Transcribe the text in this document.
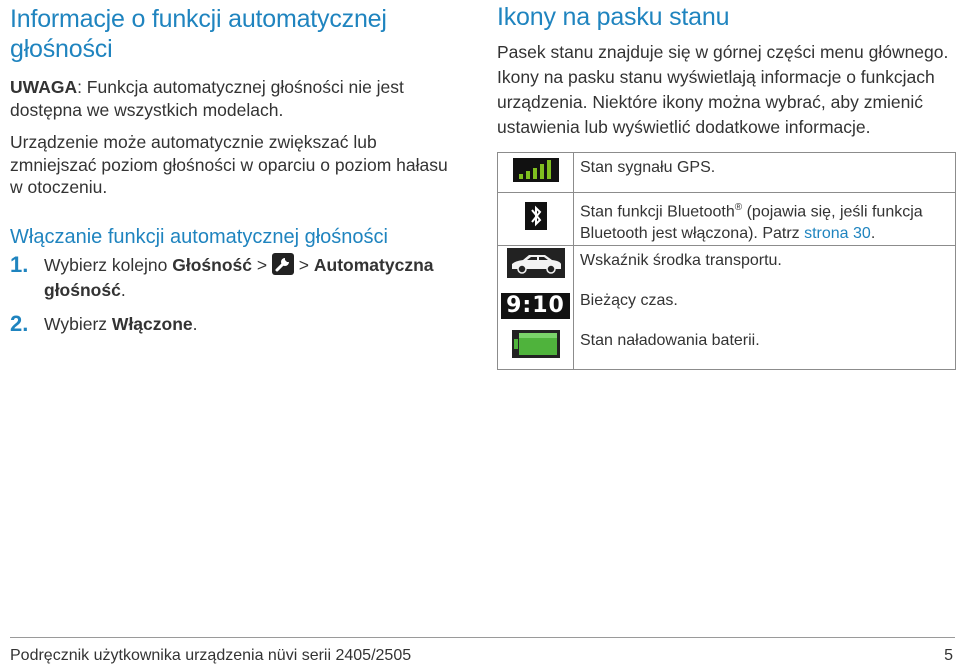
Informacje o funkcji automatycznej głośności

UWAGA: Funkcja automatycznej głośności nie jest dostępna we wszystkich modelach.

Urządzenie może automatycznie zwiększać lub zmniejszać poziom głośności w oparciu o poziom hałasu w otoczeniu.

Włączanie funkcji automatycznej głośności
1. Wybierz kolejno Głośność >
> Automatyczna głośność.
2. Wybierz Włączone.
Ikony na pasku stanu

Pasek stanu znajduje się w górnej części menu głównego. Ikony na pasku stanu wyświetlają informacje o funkcjach urządzenia. Niektóre ikony można wybrać, aby zmienić ustawienia lub wyświetlić dodatkowe informacje.

	Stan sygnału GPS.
	Stan funkcji Bluetooth® (pojawia się, jeśli funkcja Bluetooth jest włączona). Patrz strona 30.
	Wskaźnik środka transportu.
9:10	Bieżący czas.
	Stan naładowania baterii.
Podręcznik użytkownika urządzenia nüvi serii 2405/2505	5
